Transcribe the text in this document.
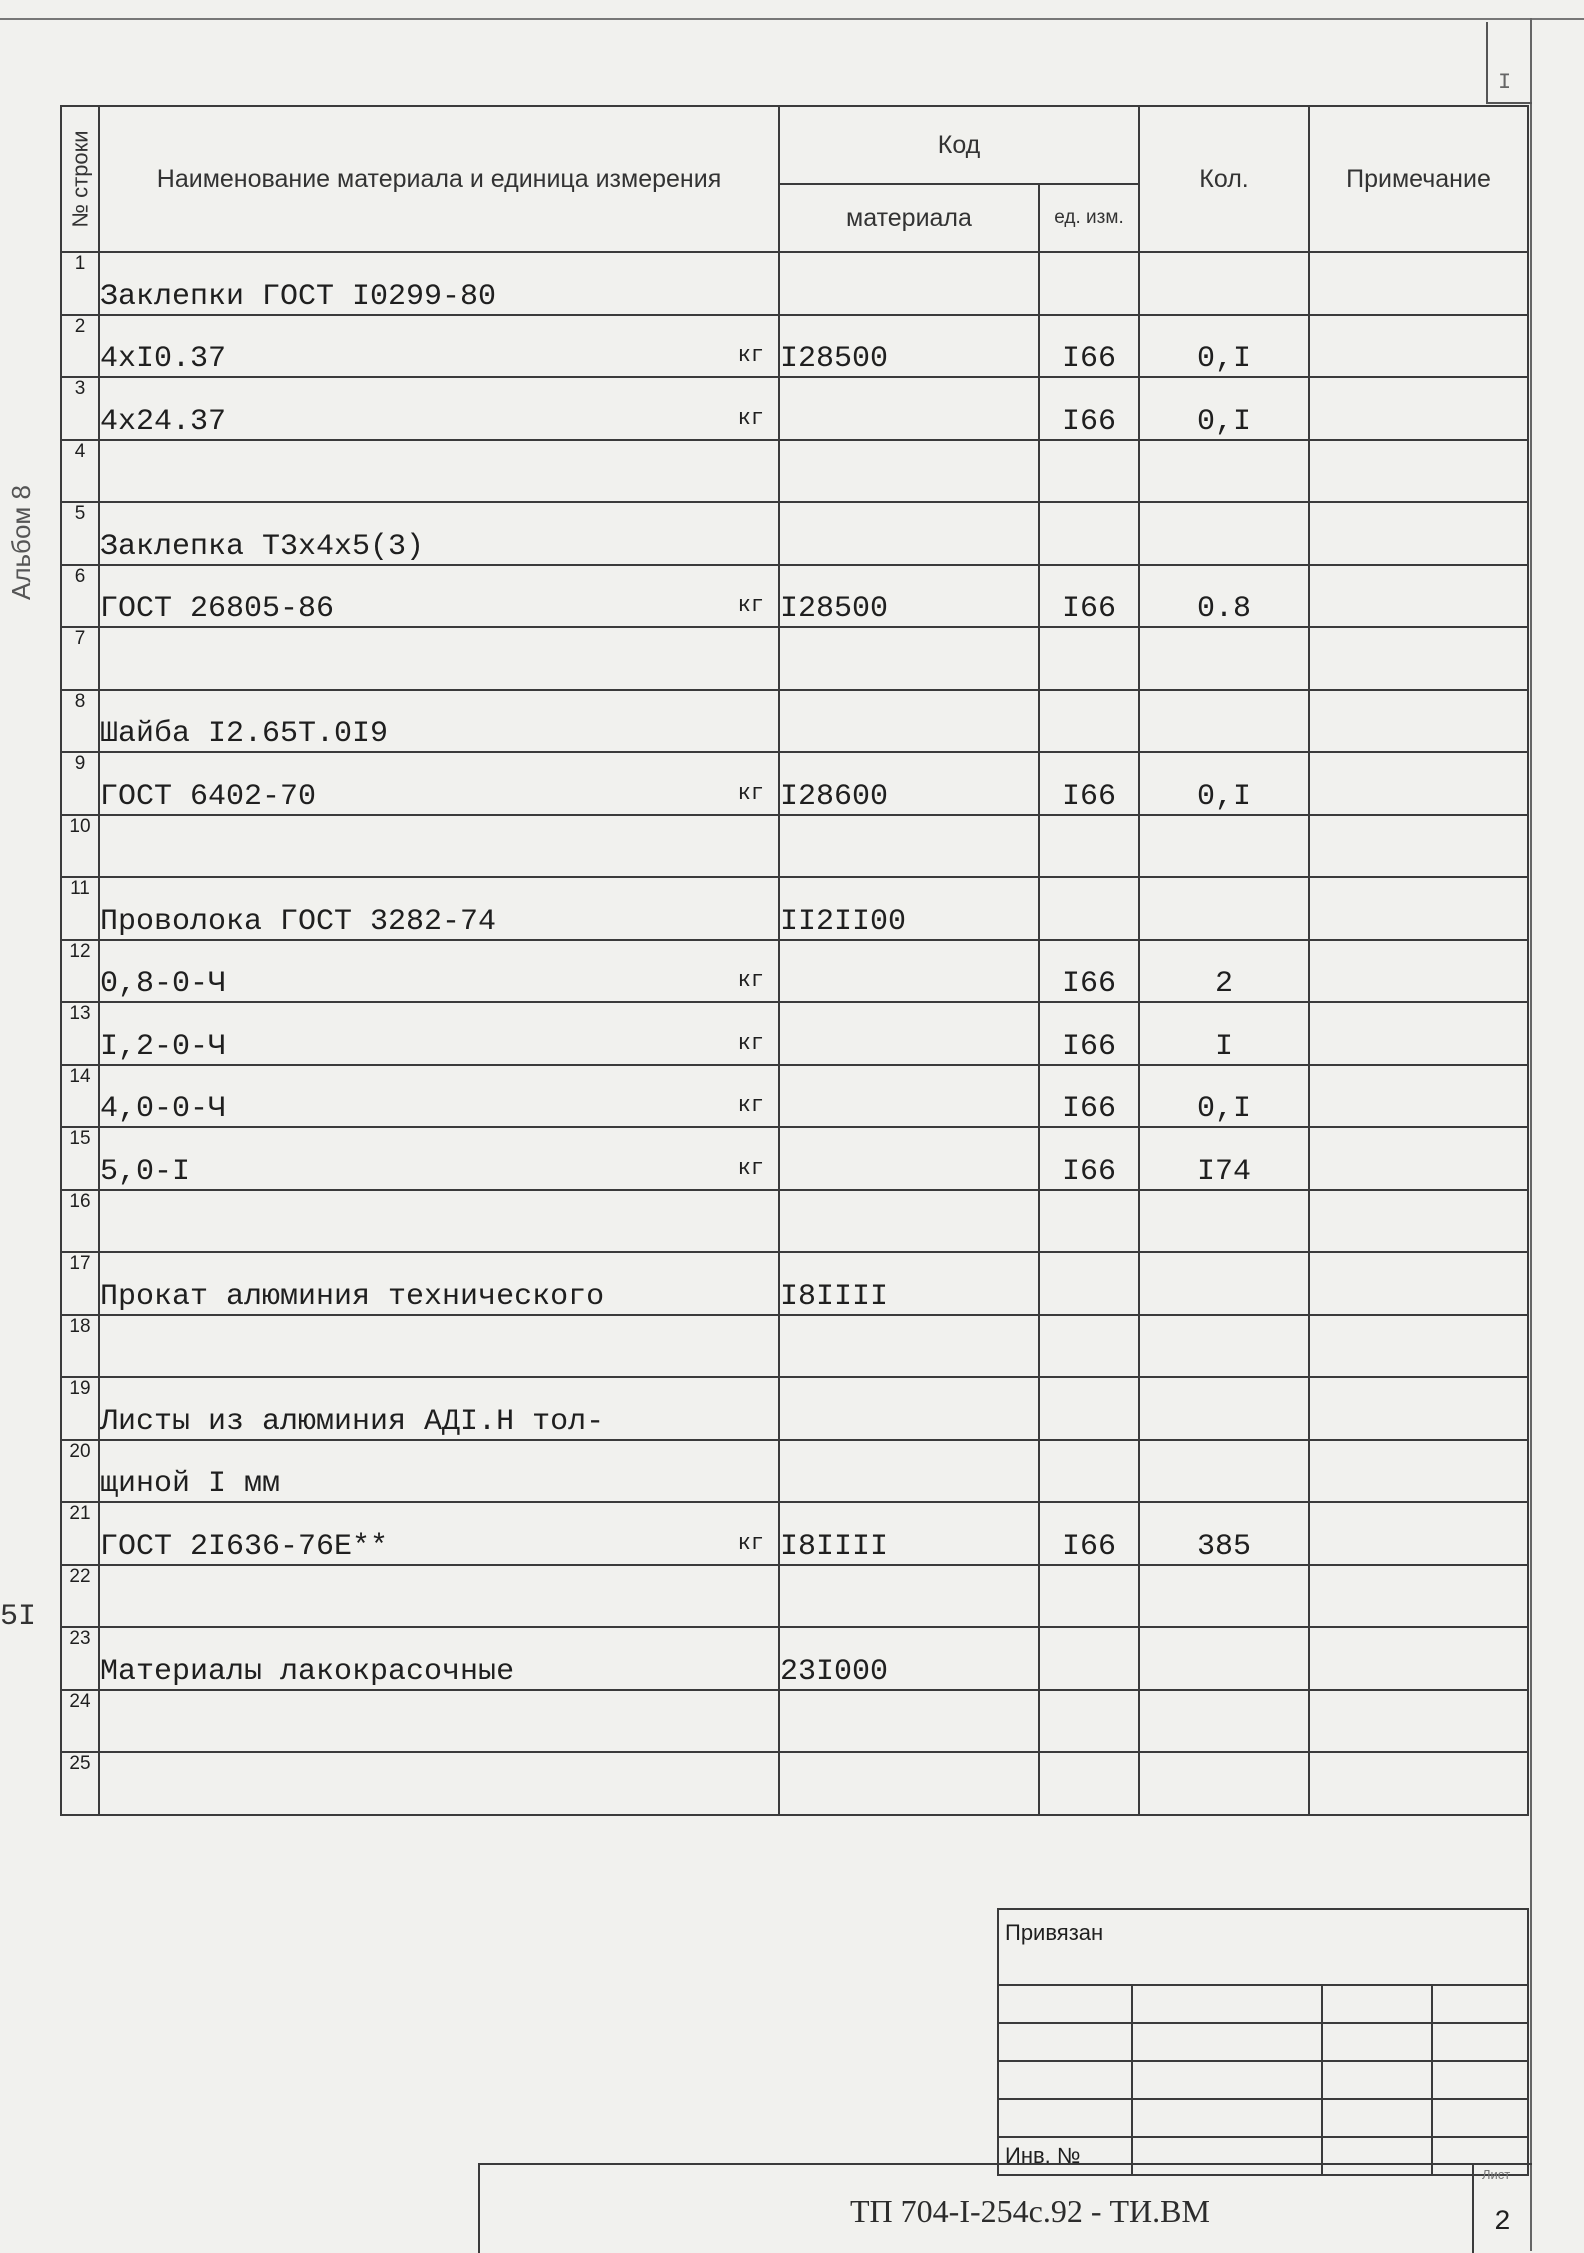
I
Альбом 8
5I
№ строки	Наименование материала и единица измерения	Код		Кол.	Примечание
		материала	ед. изм.		
1	Заклепки ГОСТ I0299-80

2	4xI0.37 кг	I28500	I66	0,I	
3	4x24.37 кг		I66	0,I	
4	

5	Заклепка Т3x4x5(3)

6	ГОСТ 26805-86 кг	I28500	I66	0.8	
7	

8	Шайба I2.65Т.0I9

9	ГОСТ 6402-70 кг	I28600	I66	0,I	
10	

11	Проволока ГОСТ 3282-74	II2II00			
12	0,8-0-Ч кг		I66	2	
13	I,2-0-Ч кг		I66	I	
14	4,0-0-Ч кг		I66	0,I	
15	5,0-I кг		I66	I74	
16	

17	Прокат алюминия технического	I8IIII			
18	

19	Листы из алюминия АДI.Н тол-

20	щиной I мм

21	ГОСТ 2I636-76Е** кг	I8IIII	I66	385	
22	

23	Материалы лакокрасочные	23I000			
24	

25	

Привязан			

Инв. №			
ТП 704-I-254с.92 - ТИ.ВМ
Лист
2
